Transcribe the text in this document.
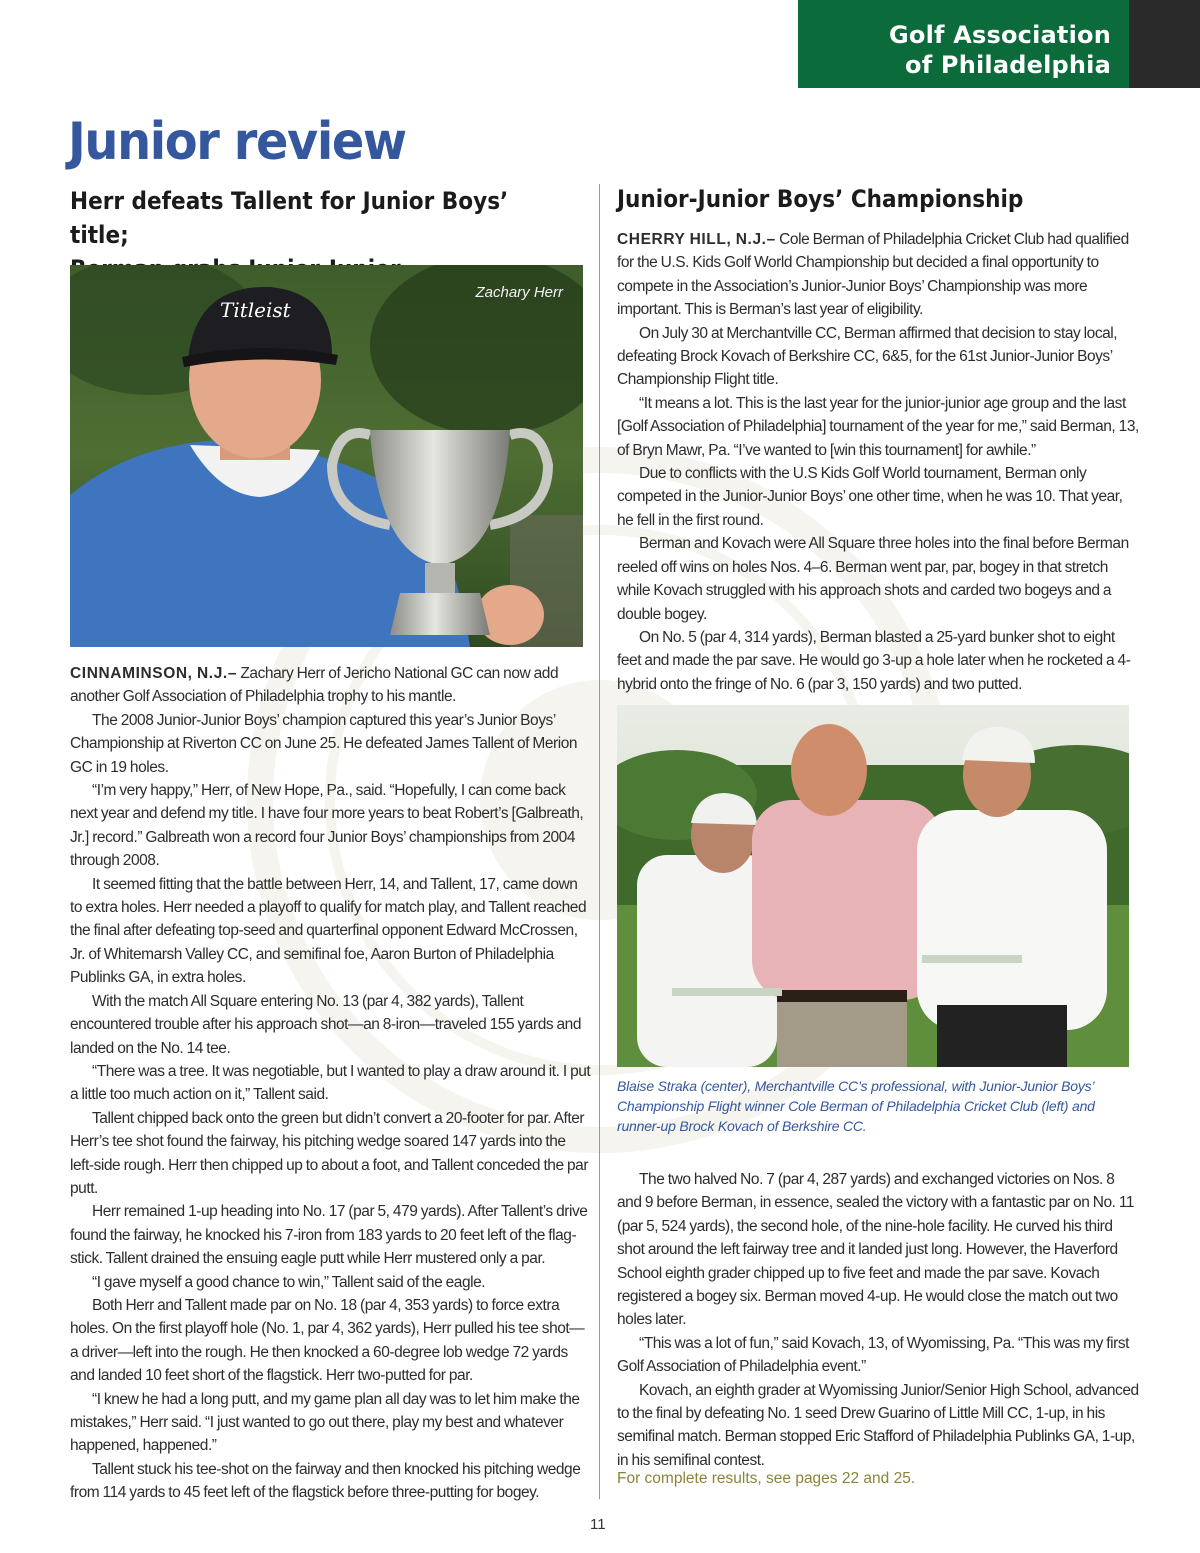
Golf Association
of Philadelphia
Junior review
Herr defeats Tallent for Junior Boys’ title;

Titleist
Zachary Herr

CINNAMINSON, N.J.– Zachary Herr of Jericho National GC can now add another Golf Association of Philadelphia trophy to his mantle.

The 2008 Junior-Junior Boys’ champion captured this year’s Junior Boys’ Championship at Riverton CC on June 25. He defeated James Tallent of Merion GC in 19 holes.

“I’m very happy,” Herr, of New Hope, Pa., said. “Hopefully, I can come back next year and defend my title. I have four more years to beat Robert’s [Galbreath, Jr.] record.” Galbreath won a record four Junior Boys’ championships from 2004 through 2008.

It seemed fitting that the battle between Herr, 14, and Tallent, 17, came down to extra holes. Herr needed a playoff to qualify for match play, and Tallent reached the final after defeating top-seed and quarterfinal opponent Edward McCrossen, Jr. of Whitemarsh Valley CC, and semifinal foe, Aaron Burton of Philadelphia Publinks GA, in extra holes.

With the match All Square entering No. 13 (par 4, 382 yards), Tallent encountered trouble after his approach shot—an 8-iron—traveled 155 yards and landed on the No. 14 tee.

“There was a tree. It was negotiable, but I wanted to play a draw around it. I put a little too much action on it,” Tallent said.

Tallent chipped back onto the green but didn’t convert a 20-footer for par. After Herr’s tee shot found the fairway, his pitching wedge soared 147 yards into the left-side rough. Herr then chipped up to about a foot, and Tallent conceded the par putt.

Herr remained 1-up heading into No. 17 (par 5, 479 yards). After Tallent’s drive found the fairway, he knocked his 7-iron from 183 yards to 20 feet left of the flag-stick. Tallent drained the ensuing eagle putt while Herr mustered only a par.

“I gave myself a good chance to win,” Tallent said of the eagle.

Both Herr and Tallent made par on No. 18 (par 4, 353 yards) to force extra holes. On the first playoff hole (No. 1, par 4, 362 yards), Herr pulled his tee shot—a driver—left into the rough. He then knocked a 60-degree lob wedge 72 yards and landed 10 feet short of the flagstick. Herr two-putted for par.

“I knew he had a long putt, and my game plan all day was to let him make the mistakes,” Herr said. “I just wanted to go out there, play my best and whatever happened, happened.”

Tallent stuck his tee-shot on the fairway and then knocked his pitching wedge from 114 yards to 45 feet left of the flagstick before three-putting for bogey.

Junior-Junior Boys’ Championship

CHERRY HILL, N.J.– Cole Berman of Philadelphia Cricket Club had qualified for the U.S. Kids Golf World Championship but decided a final opportunity to compete in the Association’s Junior-Junior Boys’ Championship was more important. This is Berman’s last year of eligibility.

On July 30 at Merchantville CC, Berman affirmed that decision to stay local, defeating Brock Kovach of Berkshire CC, 6&5, for the 61st Junior-Junior Boys’ Championship Flight title.

“It means a lot. This is the last year for the junior-junior age group and the last [Golf Association of Philadelphia] tournament of the year for me,” said Berman, 13, of Bryn Mawr, Pa. “I’ve wanted to [win this tournament] for awhile.”

Due to conflicts with the U.S Kids Golf World tournament, Berman only competed in the Junior-Junior Boys’ one other time, when he was 10. That year, he fell in the first round.

Berman and Kovach were All Square three holes into the final before Berman reeled off wins on holes Nos. 4–6. Berman went par, par, bogey in that stretch while Kovach struggled with his approach shots and carded two bogeys and a double bogey.

On No. 5 (par 4, 314 yards), Berman blasted a 25-yard bunker shot to eight feet and made the par save. He would go 3-up a hole later when he rocketed a 4-hybrid onto the fringe of No. 6 (par 3, 150 yards) and two putted.

Blaise Straka (center), Merchantville CC’s professional, with Junior-Junior Boys’ Championship Flight winner Cole Berman of Philadelphia Cricket Club (left) and runner-up Brock Kovach of Berkshire CC.

The two halved No. 7 (par 4, 287 yards) and exchanged victories on Nos. 8 and 9 before Berman, in essence, sealed the victory with a fantastic par on No. 11 (par 5, 524 yards), the second hole, of the nine-hole facility. He curved his third shot around the left fairway tree and it landed just long. However, the Haverford School eighth grader chipped up to five feet and made the par save. Kovach registered a bogey six. Berman moved 4-up. He would close the match out two holes later.

“This was a lot of fun,” said Kovach, 13, of Wyomissing, Pa. “This was my first Golf Association of Philadelphia event.”

Kovach, an eighth grader at Wyomissing Junior/Senior High School, advanced to the final by defeating No. 1 seed Drew Guarino of Little Mill CC, 1-up, in his semifinal match. Berman stopped Eric Stafford of Philadelphia Publinks GA, 1-up, in his semifinal contest.

For complete results, see pages 22 and 25.

11
